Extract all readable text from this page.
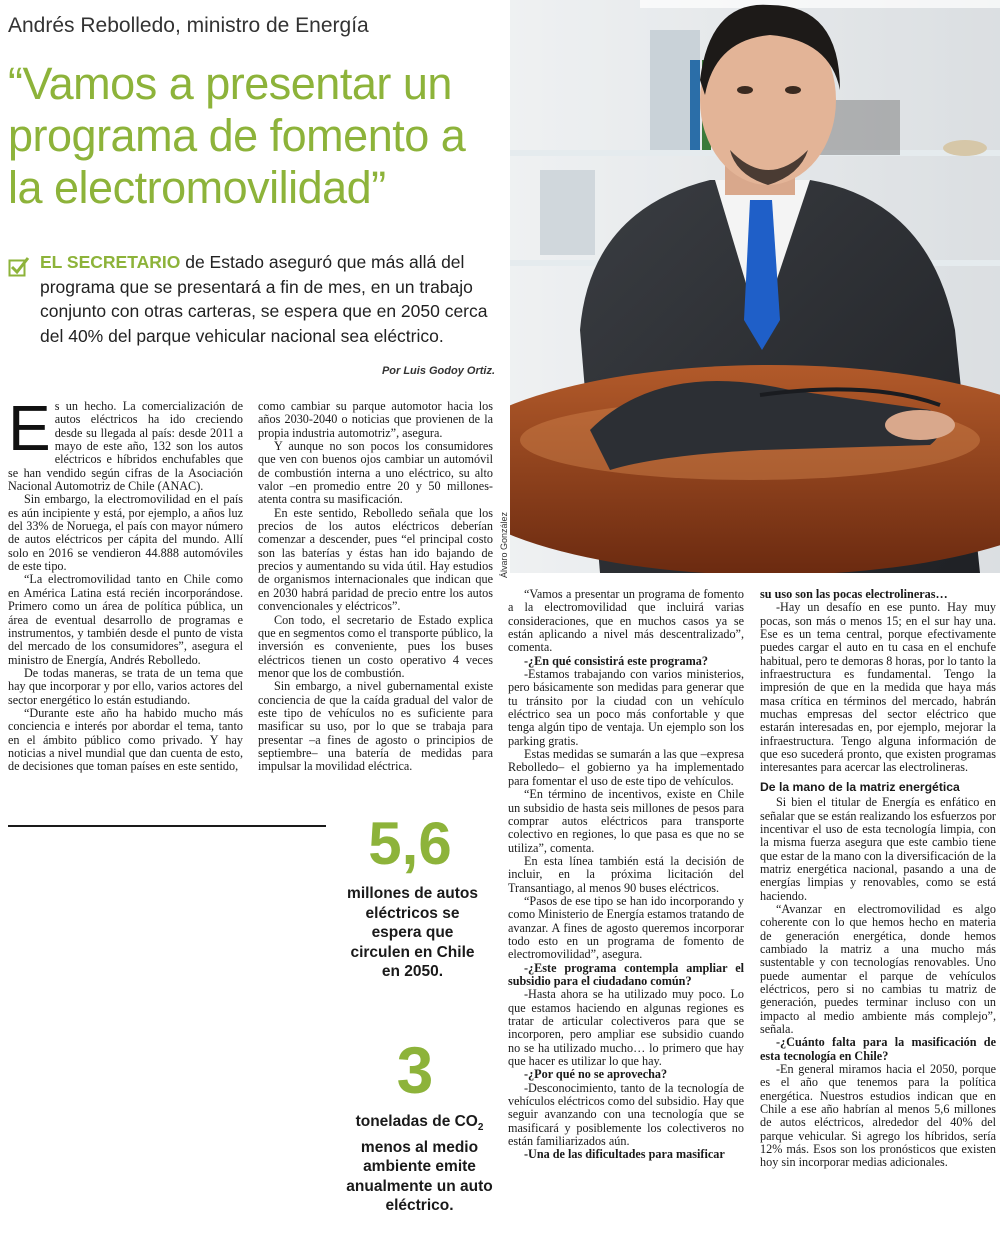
Andrés Rebolledo, ministro de Energía
“Vamos a presentar un programa de fomento a la electromovilidad”
EL SECRETARIO de Estado aseguró que más allá del programa que se presentará a fin de mes, en un trabajo conjunto con otras carteras, se espera que en 2050 cerca del 40% del parque vehicular nacional sea eléctrico.
Por Luis Godoy Ortiz.
Álvaro González

Es un hecho. La comercialización de autos eléctricos ha ido creciendo desde su llegada al país: desde 2011 a mayo de este año, 132 son los autos eléctricos e híbridos enchufables que se han vendido según cifras de la Asociación Nacional Automotriz de Chile (ANAC).

Sin embargo, la electromovilidad en el país es aún incipiente y está, por ejemplo, a años luz del 33% de Noruega, el país con mayor número de autos eléctricos per cápita del mundo. Allí solo en 2016 se vendieron 44.888 automóviles de este tipo.

“La electromovilidad tanto en Chile como en América Latina está recién incorporándose. Primero como un área de política pública, un área de eventual desarrollo de programas e instrumentos, y también desde el punto de vista del mercado de los consumidores”, asegura el ministro de Energía, Andrés Rebolledo.

De todas maneras, se trata de un tema que hay que incorporar y por ello, varios actores del sector energético lo están estudiando.

“Durante este año ha habido mucho más conciencia e interés por abordar el tema, tanto en el ámbito público como privado. Y hay noticias a nivel mundial que dan cuenta de esto, de decisiones que toman países en este sentido,

como cambiar su parque automotor hacia los años 2030-2040 o noticias que provienen de la propia industria automotriz”, asegura.

Y aunque no son pocos los consumidores que ven con buenos ojos cambiar un automóvil de combustión interna a uno eléctrico, su alto valor –en promedio entre 20 y 50 millones- atenta contra su masificación.

En este sentido, Rebolledo señala que los precios de los autos eléctricos deberían comenzar a descender, pues “el principal costo son las baterías y éstas han ido bajando de precios y aumentando su vida útil. Hay estudios de organismos internacionales que indican que en 2030 habrá paridad de precio entre los autos convencionales y eléctricos”.

Con todo, el secretario de Estado explica que en segmentos como el transporte público, la inversión es conveniente, pues los buses eléctricos tienen un costo operativo 4 veces menor que los de combustión.

Sin embargo, a nivel gubernamental existe conciencia de que la caída gradual del valor de este tipo de vehículos no es suficiente para masificar su uso, por lo que se trabaja para presentar –a fines de agosto o principios de septiembre– una batería de medidas para impulsar la movilidad eléctrica.

5,6
millones de autos eléctricos se espera que circulen en Chile en 2050.
3
toneladas de $CO_2$ menos al medio ambiente emite anualmente un auto eléctrico.

“Vamos a presentar un programa de fomento a la electromovilidad que incluirá varias consideraciones, que en muchos casos ya se están aplicando a nivel más descentralizado”, comenta.

-¿En qué consistirá este programa?

-Estamos trabajando con varios ministerios, pero básicamente son medidas para generar que tu tránsito por la ciudad con un vehículo eléctrico sea un poco más confortable y que tenga algún tipo de ventaja. Un ejemplo son los parking gratis.

Estas medidas se sumarán a las que –expresa Rebolledo– el gobierno ya ha implementado para fomentar el uso de este tipo de vehículos.

“En término de incentivos, existe en Chile un subsidio de hasta seis millones de pesos para comprar autos eléctricos para transporte colectivo en regiones, lo que pasa es que no se utiliza”, comenta.

En esta línea también está la decisión de incluir, en la próxima licitación del Transantiago, al menos 90 buses eléctricos.

“Pasos de ese tipo se han ido incorporando y como Ministerio de Energía estamos tratando de avanzar. A fines de agosto queremos incorporar todo esto en un programa de fomento de electromovilidad”, asegura.

-¿Este programa contempla ampliar el subsidio para el ciudadano común?

-Hasta ahora se ha utilizado muy poco. Lo que estamos haciendo en algunas regiones es tratar de articular colectiveros para que se incorporen, pero ampliar ese subsidio cuando no se ha utilizado mucho… lo primero que hay que hacer es utilizar lo que hay.

-¿Por qué no se aprovecha?

-Desconocimiento, tanto de la tecnología de vehículos eléctricos como del subsidio. Hay que seguir avanzando con una tecnología que se masificará y posiblemente los colectiveros no están familiarizados aún.

-Una de las dificultades para masificar

su uso son las pocas electrolineras…

-Hay un desafío en ese punto. Hay muy pocas, son más o menos 15; en el sur hay una. Ese es un tema central, porque efectivamente puedes cargar el auto en tu casa en el enchufe habitual, pero te demoras 8 horas, por lo tanto la infraestructura es fundamental. Tengo la impresión de que en la medida que haya más masa crítica en términos del mercado, habrán muchas empresas del sector eléctrico que estarán interesadas en, por ejemplo, mejorar la infraestructura. Tengo alguna información de que eso sucederá pronto, que existen programas interesantes para acercar las electrolineras.

De la mano de la matriz energética

Si bien el titular de Energía es enfático en señalar que se están realizando los esfuerzos por incentivar el uso de esta tecnología limpia, con la misma fuerza asegura que este cambio tiene que estar de la mano con la diversificación de la matriz energética nacional, pasando a una de energías limpias y renovables, como se está haciendo.

“Avanzar en electromovilidad es algo coherente con lo que hemos hecho en materia de generación energética, donde hemos cambiado la matriz a una mucho más sustentable y con tecnologías renovables. Uno puede aumentar el parque de vehículos eléctricos, pero si no cambias tu matriz de generación, puedes terminar incluso con un impacto al medio ambiente más complejo”, señala.

-¿Cuánto falta para la masificación de esta tecnología en Chile?

-En general miramos hacia el 2050, porque es el año que tenemos para la política energética. Nuestros estudios indican que en Chile a ese año habrían al menos 5,6 millones de autos eléctricos, alrededor del 40% del parque vehicular. Si agrego los híbridos, sería 12% más. Esos son los pronósticos que existen hoy sin incorporar medias adicionales.
